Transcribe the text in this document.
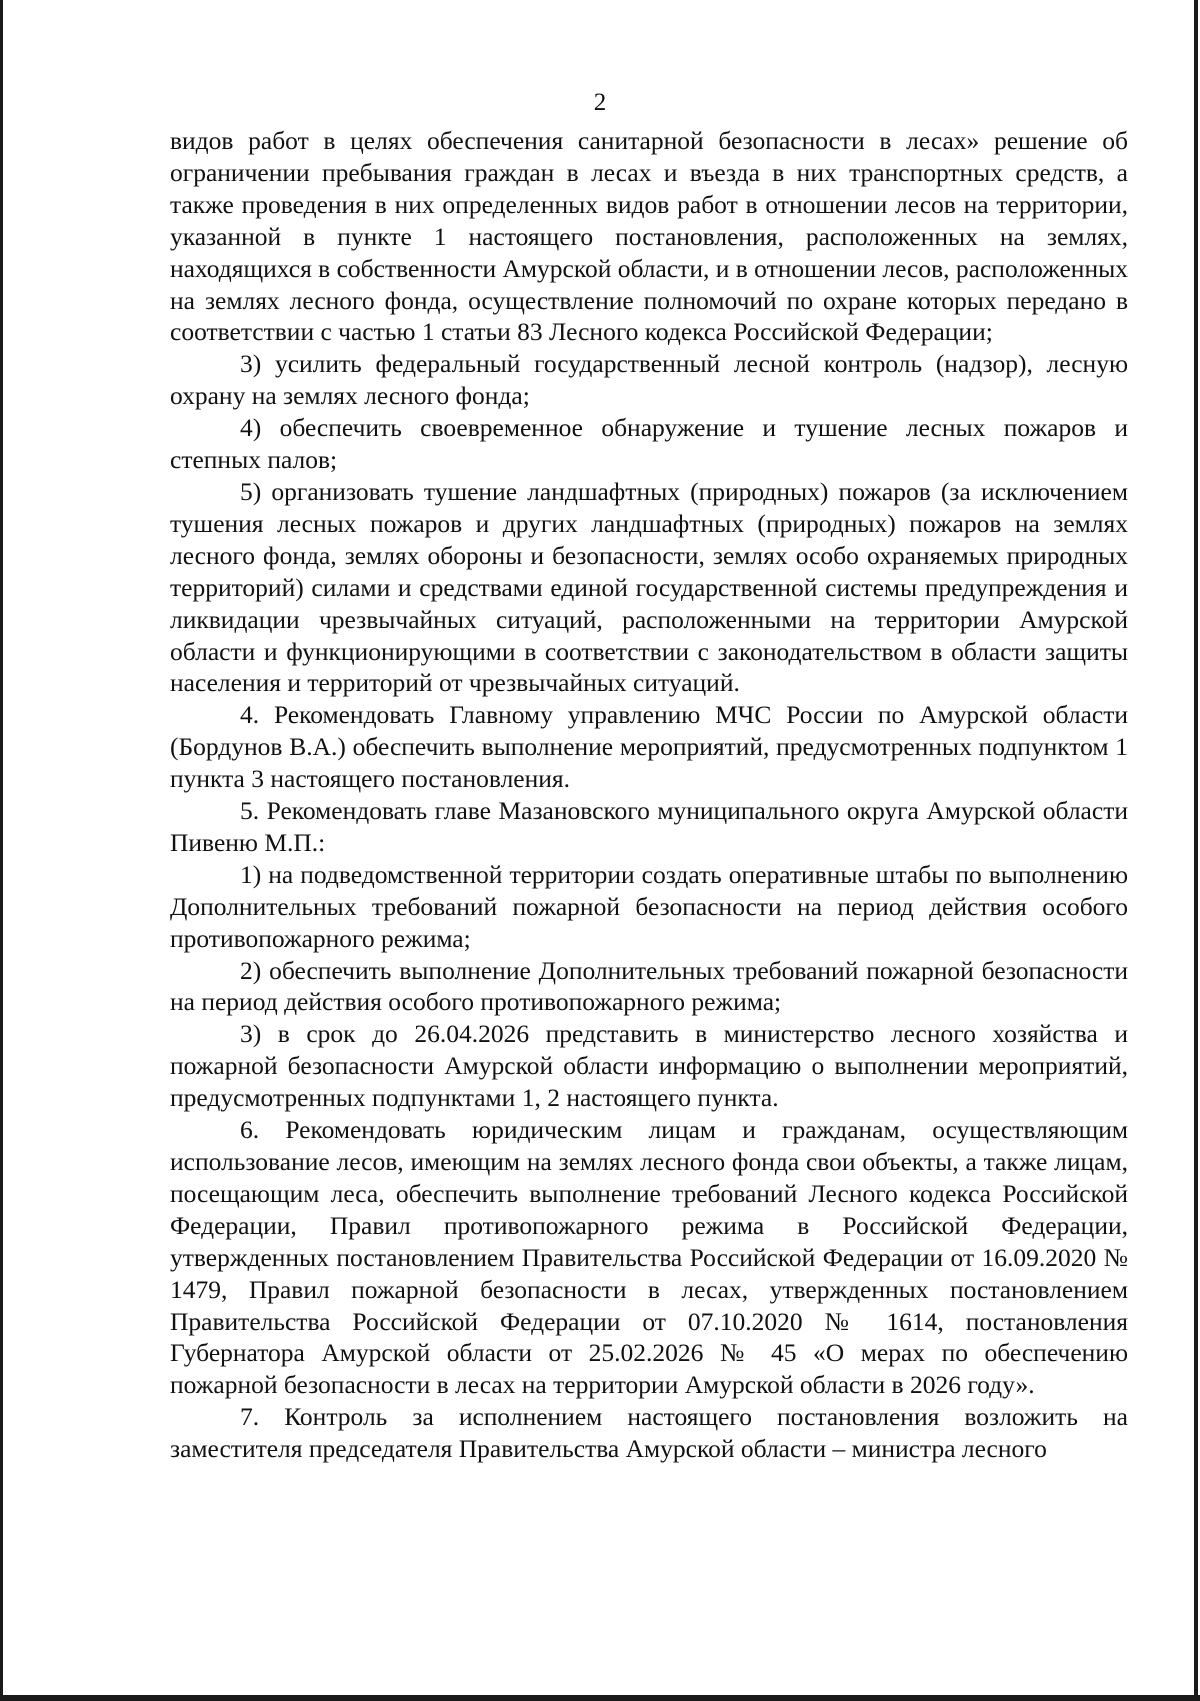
2

видов работ в целях обеспечения санитарной безопасности в лесах» решение об ограничении пребывания граждан в лесах и въезда в них транспортных средств, а также проведения в них определенных видов работ в отношении лесов на территории, указанной в пункте 1 настоящего постановления, расположенных на землях, находящихся в собственности Амурской области, и в отношении лесов, расположенных на землях лесного фонда, осуществление полномочий по охране которых передано в соответствии с частью 1 статьи 83 Лесного кодекса Российской Федерации;

3) усилить федеральный государственный лесной контроль (надзор), лесную охрану на землях лесного фонда;

4) обеспечить своевременное обнаружение и тушение лесных пожаров и степных палов;

5) организовать тушение ландшафтных (природных) пожаров (за исключением тушения лесных пожаров и других ландшафтных (природных) пожаров на землях лесного фонда, землях обороны и безопасности, землях особо охраняемых природных территорий) силами и средствами единой государственной системы предупреждения и ликвидации чрезвычайных ситуаций, расположенными на территории Амурской области и функционирующими в соответствии с законодательством в области защиты населения и территорий от чрезвычайных ситуаций.

4. Рекомендовать Главному управлению МЧС России по Амурской области (Бордунов В.А.) обеспечить выполнение мероприятий, предусмотренных подпунктом 1 пункта 3 настоящего постановления.

5. Рекомендовать главе Мазановского муниципального округа Амурской области Пивеню М.П.:

1) на подведомственной территории создать оперативные штабы по выполнению Дополнительных требований пожарной безопасности на период действия особого противопожарного режима;

2) обеспечить выполнение Дополнительных требований пожарной безопасности на период действия особого противопожарного режима;

3) в срок до 26.04.2026 представить в министерство лесного хозяйства и пожарной безопасности Амурской области информацию о выполнении мероприятий, предусмотренных подпунктами 1, 2 настоящего пункта.

6. Рекомендовать юридическим лицам и гражданам, осуществляющим использование лесов, имеющим на землях лесного фонда свои объекты, а также лицам, посещающим леса, обеспечить выполнение требований Лесного кодекса Российской Федерации, Правил противопожарного режима в Российской Федерации, утвержденных постановлением Правительства Российской Федерации от 16.09.2020 № 1479, Правил пожарной безопасности в лесах, утвержденных постановлением Правительства Российской Федерации от 07.10.2020 № 1614, постановления Губернатора Амурской области от 25.02.2026 № 45 «О мерах по обеспечению пожарной безопасности в лесах на территории Амурской области в 2026 году».

7. Контроль за исполнением настоящего постановления возложить на заместителя председателя Правительства Амурской области – министра лесного
